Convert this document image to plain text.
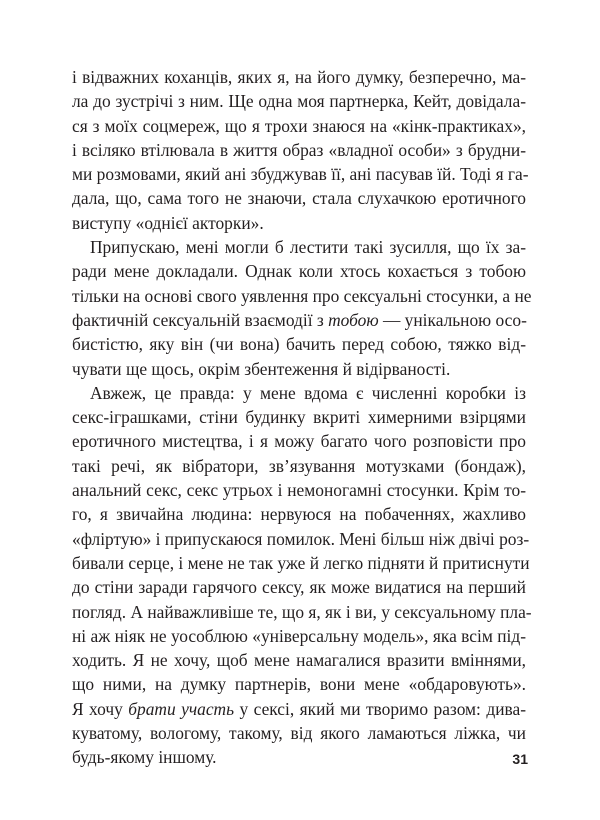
і відважних коханців, яких я, на його думку, безперечно, ма-
ла до зустрічі з ним. Ще одна моя партнерка, Кейт, довідала-
ся з моїх соцмереж, що я трохи знаюся на «кінк-практиках»,
і всіляко втілювала в життя образ «владної особи» з брудни-
ми розмовами, який ані збуджував її, ані пасував їй. Тоді я га-
дала, що, сама того не знаючи, стала слухачкою еротичного
виступу «однієї акторки».
Припускаю, мені могли б лестити такі зусилля, що їх за-
ради мене докладали. Однак коли хтось кохається з тобою
тільки на основі свого уявлення про сексуальні стосунки, а не
фактичній сексуальній взаємодії з тобою — унікальною осо-
бистістю, яку він (чи вона) бачить перед собою, тяжко від-
чувати ще щось, окрім збентеження й відірваності.
Авжеж, це правда: у мене вдома є численні коробки із
секс-іграшками, стіни будинку вкриті химерними взірцями
еротичного мистецтва, і я можу багато чого розповісти про
такі речі, як вібратори, зв’язування мотузками (бондаж),
анальний секс, секс утрьох і немоногамні стосунки. Крім то-
го, я звичайна людина: нервуюся на побаченнях, жахливо
«фліртую» і припускаюся помилок. Мені більш ніж двічі роз-
бивали серце, і мене не так уже й легко підняти й притиснути
до стіни заради гарячого сексу, як може видатися на перший
погляд. А найважливіше те, що я, як і ви, у сексуальному пла-
ні аж ніяк не уособлюю «універсальну модель», яка всім під-
ходить. Я не хочу, щоб мене намагалися вразити вміннями,
що ними, на думку партнерів, вони мене «обдаровують».
Я хочу брати участь у сексі, який ми творимо разом: дива-
куватому, вологому, такому, від якого ламаються ліжка, чи
будь-якому іншому.	31
